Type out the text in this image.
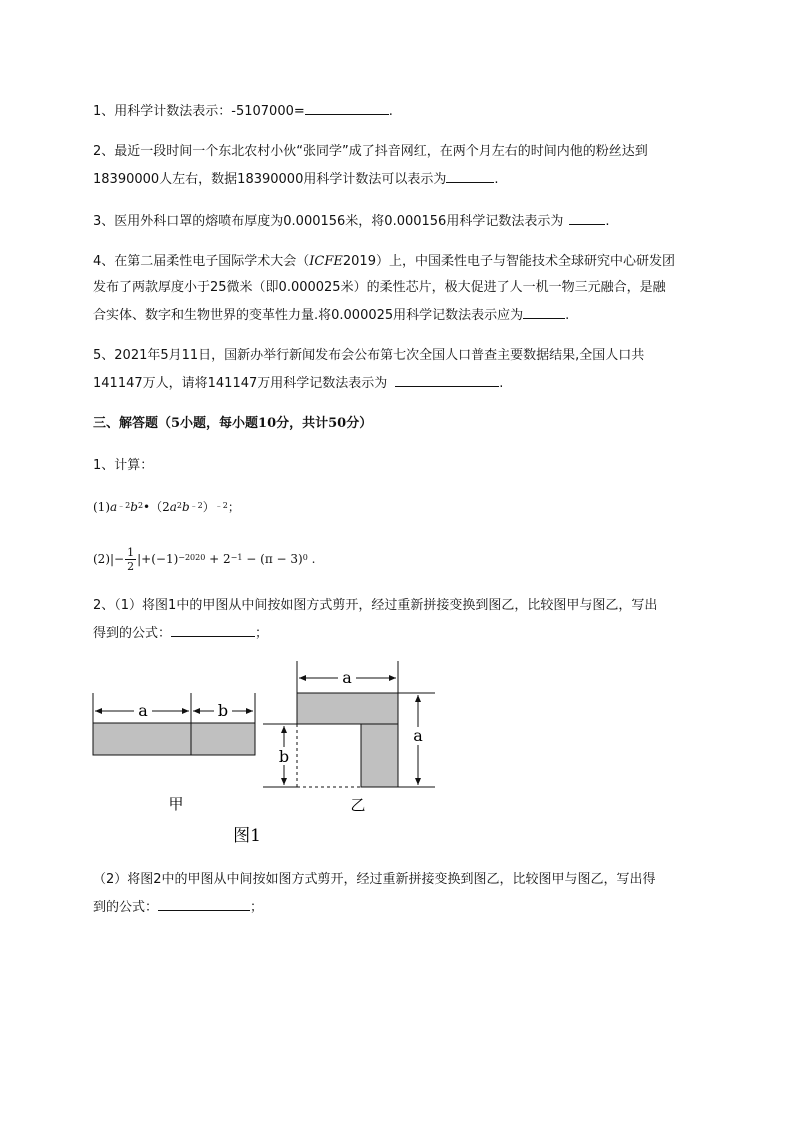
1、用科学计数法表示：-5107000=	.
2、最近一段时间一个东北农村小伙“张同学”成了抖音网红，在两个月左右的时间内他的粉丝达到
18390000人左右，数据18390000用科学计数法可以表示为	.
3、医用外科口罩的熔喷布厚度为0.000156米，将0.000156用科学记数法表示为	.
4、在第二届柔性电子国际学术大会（ICFE2019）上，中国柔性电子与智能技术全球研究中心研发团
发布了两款厚度小于25微米（即0.000025米）的柔性芯片，极大促进了人一机一物三元融合，是融
合实体、数字和生物世界的变革性力量.将0.000025用科学记数法表示应为	.
5、2021年5月11日，国新办举行新闻发布会公布第七次全国人口普查主要数据结果,全国人口共
141147万人，请将141147万用科学记数法表示为	.
三、解答题（5小题，每小题10分，共计50分）
1、计算：
$(1)a^{﹣2}b^2•(2a^2b^{﹣2})^{﹣2}$；
$(2)|- \frac{1}{2} |+(-1)^{-2020} + 2^{-1} - (\pi - 3)^0$ .
2、（1）将图1中的甲图从中间按如图方式剪开，经过重新拼接变换到图乙，比较图甲与图乙，写出
得到的公式：	；
a	b
甲
a
b
a
乙
图1
（2）将图2中的甲图从中间按如图方式剪开，经过重新拼接变换到图乙，比较图甲与图乙，写出得
到的公式：	；
